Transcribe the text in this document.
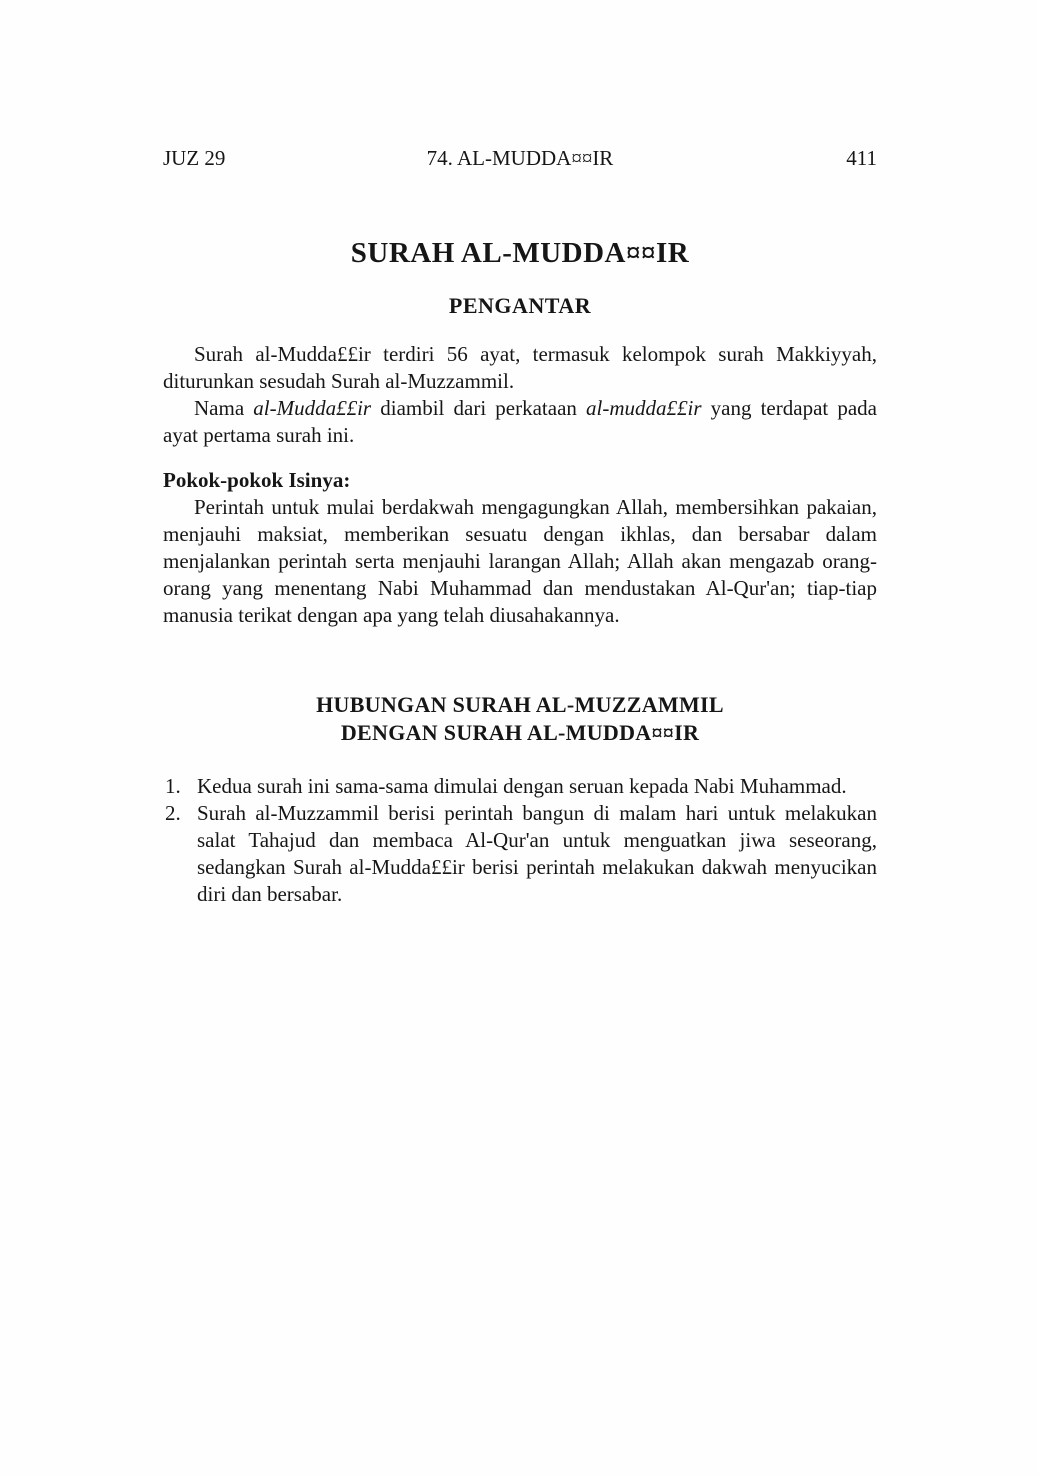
JUZ 29	74. AL-MUDDA¤¤IR	411
SURAH AL-MUDDA¤¤IR
PENGANTAR

Surah al-Mudda££ir terdiri 56 ayat, termasuk kelompok surah Makkiyyah, diturunkan sesudah Surah al-Muzzammil.

Nama al-Mudda££ir diambil dari perkataan al-mudda££ir yang terdapat pada ayat pertama surah ini.

Pokok-pokok Isinya:

Perintah untuk mulai berdakwah mengagungkan Allah, membersihkan pakaian, menjauhi maksiat, memberikan sesuatu dengan ikhlas, dan bersabar dalam menjalankan perintah serta menjauhi larangan Allah; Allah akan mengazab orang-orang yang menentang Nabi Muhammad dan mendustakan Al-Qur'an; tiap-tiap manusia terikat dengan apa yang telah diusahakannya.

HUBUNGAN SURAH AL-MUZZAMMIL
DENGAN SURAH AL-MUDDA¤¤IR
1. Kedua surah ini sama-sama dimulai dengan seruan kepada Nabi Muhammad.
2. Surah al-Muzzammil berisi perintah bangun di malam hari untuk melakukan salat Tahajud dan membaca Al-Qur'an untuk menguatkan jiwa seseorang, sedangkan Surah al-Mudda££ir berisi perintah melakukan dakwah menyucikan diri dan bersabar.
